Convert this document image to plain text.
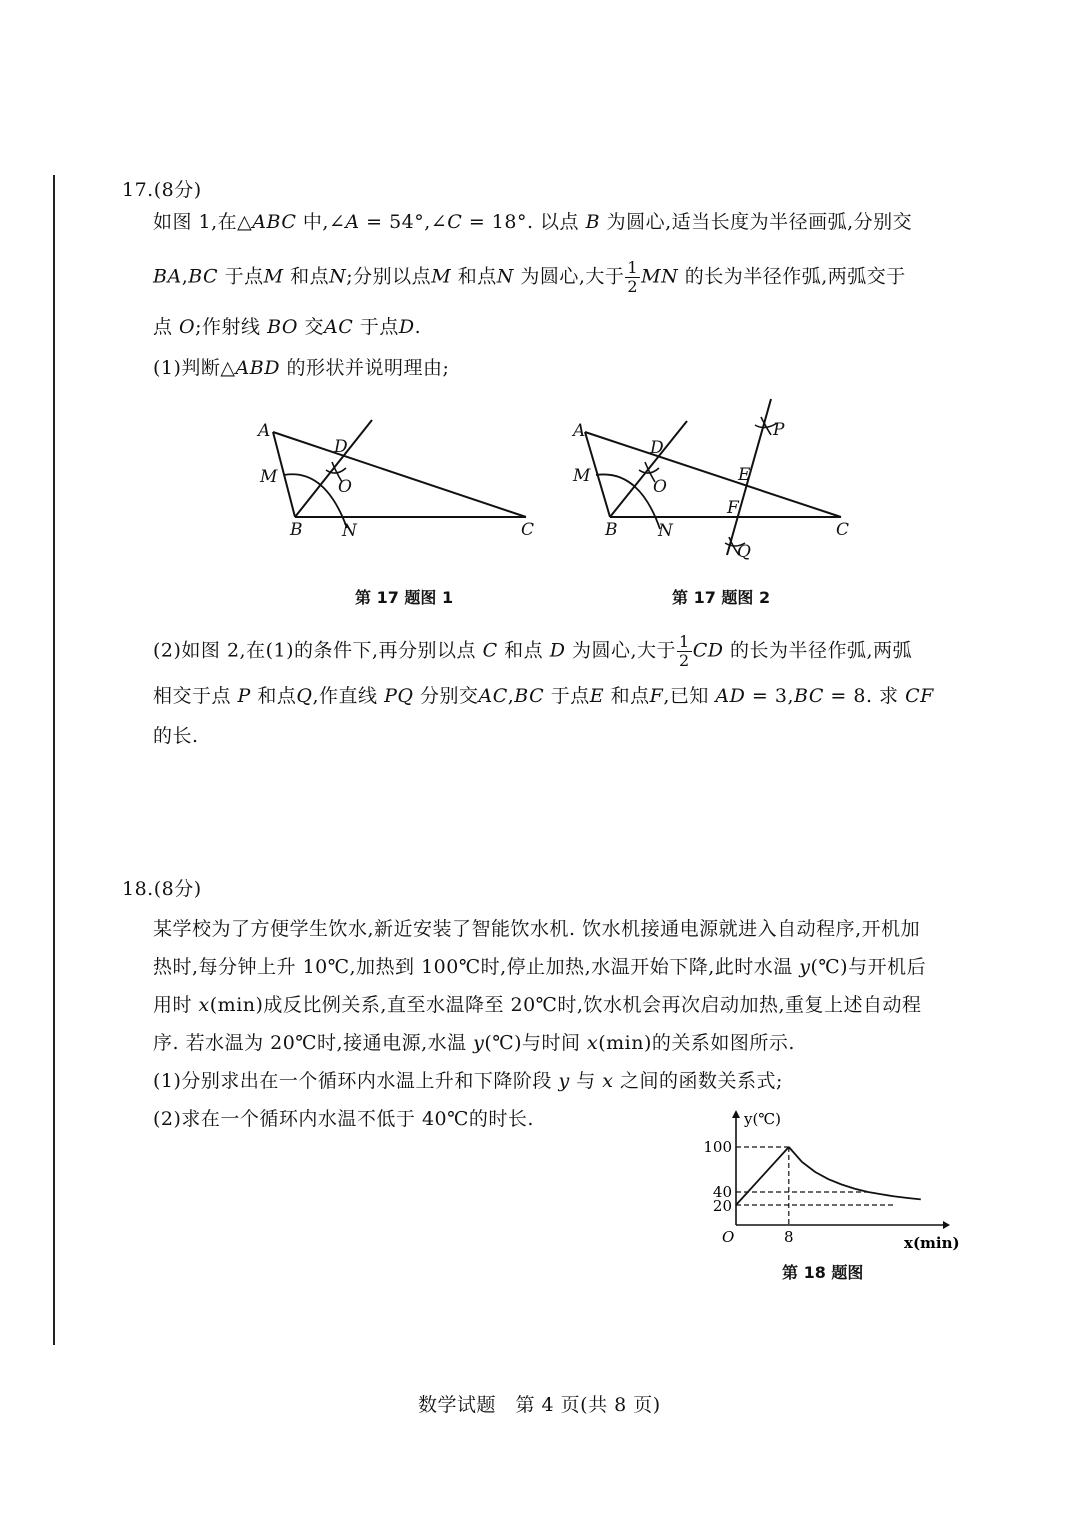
17.(8分)
如图 1,在△ABC 中,∠A = 54°,∠C = 18°. 以点 B 为圆心,适当长度为半径画弧,分别交
BA,BC 于点M 和点N;分别以点M 和点N 为圆心,大于 $\frac{1}{2}$ MN 的长为半径作弧,两弧交于
点 O;作射线 BO 交AC 于点D.
(1)判断△ABD 的形状并说明理由;
A
D
M	O
B N	C
第 17 题图 1
A
D
M
O
B N	C
P
Q
E
F
第 17 题图 2
(2)如图 2,在(1)的条件下,再分别以点 C 和点 D 为圆心,大于 $\frac{1}{2}$ CD 的长为半径作弧,两弧
相交于点 P 和点Q,作直线 PQ 分别交AC,BC 于点E 和点F,已知 AD = 3,BC = 8. 求 CF
的长.
18.(8分)
某学校为了方便学生饮水,新近安装了智能饮水机. 饮水机接通电源就进入自动程序,开机加
热时,每分钟上升 10℃,加热到 100℃时,停止加热,水温开始下降,此时水温 y(℃)与开机后
用时 x(min)成反比例关系,直至水温降至 20℃时,饮水机会再次启动加热,重复上述自动程
序. 若水温为 20℃时,接通电源,水温 y(℃)与时间 x(min)的关系如图所示.
(1)分别求出在一个循环内水温上升和下降阶段 y 与 x 之间的函数关系式;
(2)求在一个循环内水温不低于 40℃的时长.	y(℃)
x(min)
O
100
40
20
8
第 18 题图
数学试题　第 4 页(共 8 页)
